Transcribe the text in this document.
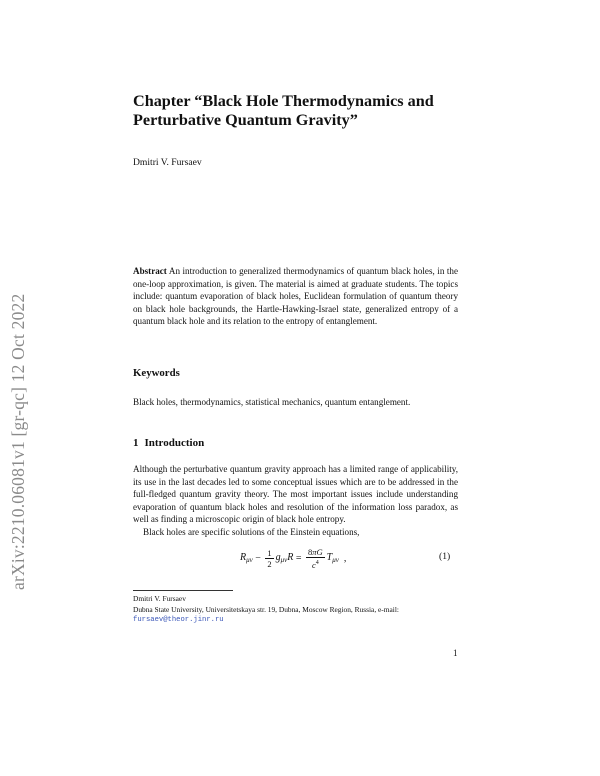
arXiv:2210.06081v1 [gr-qc] 12 Oct 2022
Chapter “Black Hole Thermodynamics and Perturbative Quantum Gravity”
Dmitri V. Fursaev

Abstract An introduction to generalized thermodynamics of quantum black holes, in the one-loop approximation, is given. The material is aimed at graduate students. The topics include: quantum evaporation of black holes, Euclidean formulation of quantum theory on black hole backgrounds, the Hartle-Hawking-Israel state, generalized entropy of a quantum black hole and its relation to the entropy of entanglement.

Keywords

Black holes, thermodynamics, statistical mechanics, quantum entanglement.

1 Introduction

Although the perturbative quantum gravity approach has a limited range of applicability, its use in the last decades led to some conceptual issues which are to be addressed in the full-fledged quantum gravity theory. The most important issues include understanding evaporation of quantum black holes and resolution of the information loss paradox, as well as finding a microscopic origin of black hole entropy.

Black holes are specific solutions of the Einstein equations,

$R_{\mu\nu} - \frac{1}{2} g_{\mu\nu}R = \frac{8\pi G}{c^4} T_{\mu\nu}$ ,	(1)
Dmitri V. Fursaev
Dubna State University, Universitetskaya str. 19, Dubna, Moscow Region, Russia, e-mail:
fursaev@theor.jinr.ru
1
